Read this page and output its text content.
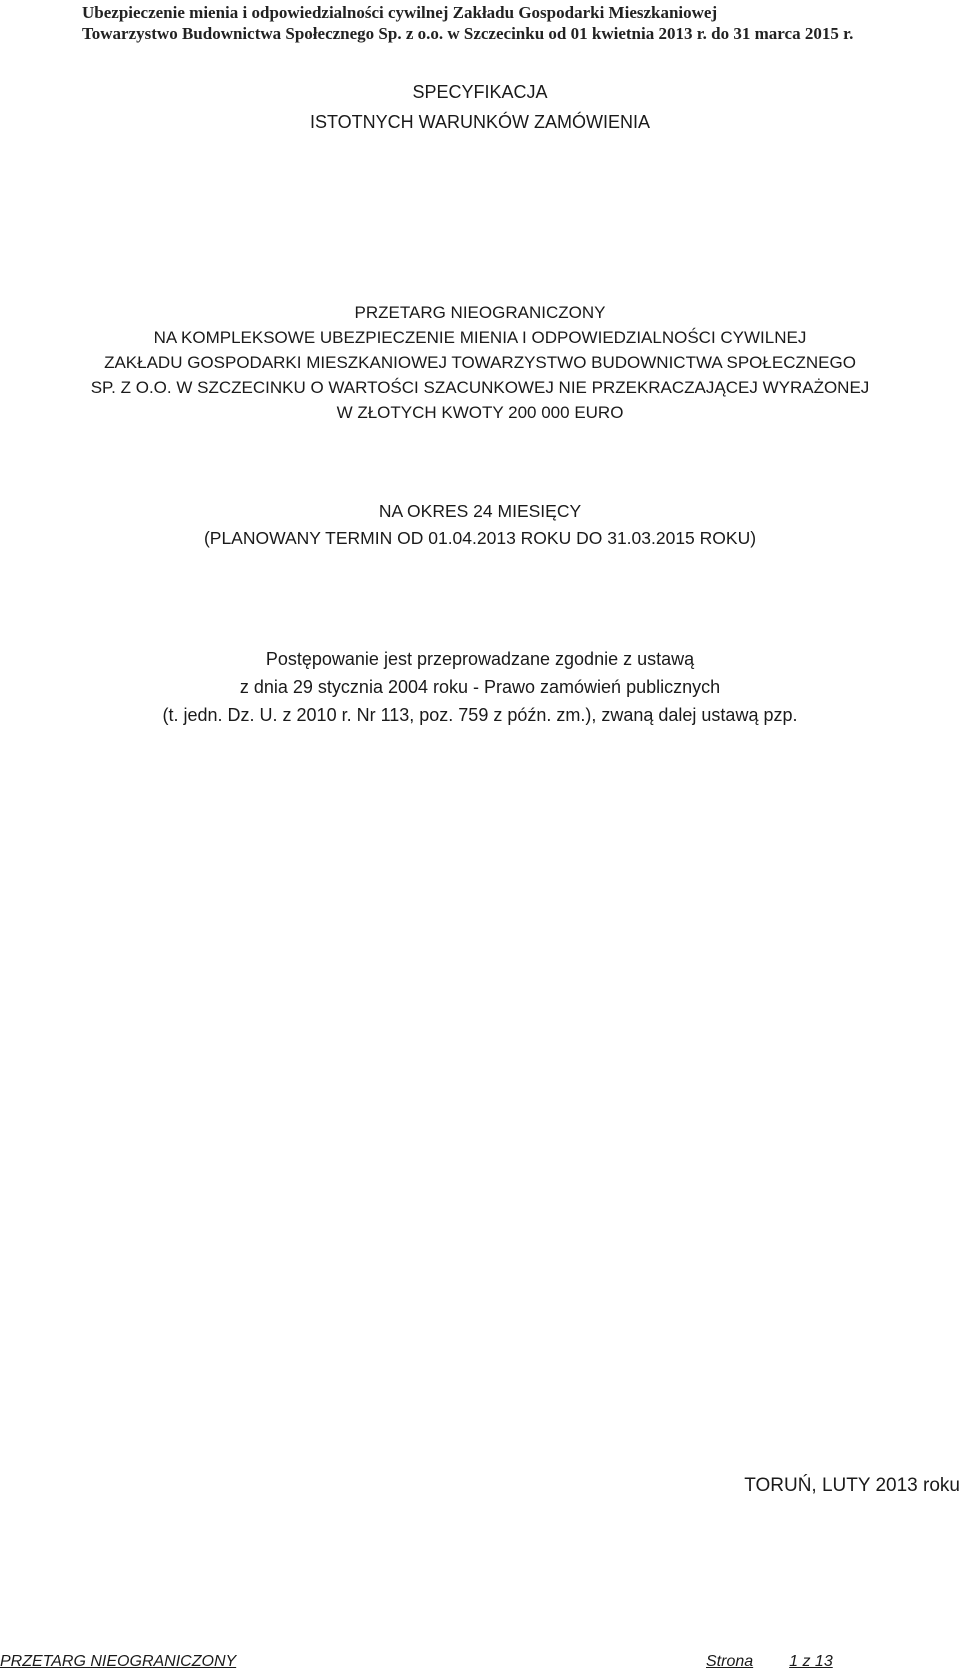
Ubezpieczenie mienia i odpowiedzialności cywilnej Zakładu Gospodarki Mieszkaniowej
Towarzystwo Budownictwa Społecznego Sp. z o.o. w Szczecinku od 01 kwietnia 2013 r. do 31 marca 2015 r.
SPECYFIKACJA
ISTOTNYCH WARUNKÓW ZAMÓWIENIA
PRZETARG NIEOGRANICZONY
NA KOMPLEKSOWE UBEZPIECZENIE MIENIA I ODPOWIEDZIALNOŚCI CYWILNEJ
ZAKŁADU GOSPODARKI MIESZKANIOWEJ TOWARZYSTWO BUDOWNICTWA SPOŁECZNEGO
SP. Z O.O. W SZCZECINKU O WARTOŚCI SZACUNKOWEJ NIE PRZEKRACZAJĄCEJ WYRAŻONEJ
W ZŁOTYCH KWOTY 200 000 EURO
NA OKRES 24 MIESIĘCY
(PLANOWANY TERMIN OD 01.04.2013 ROKU DO 31.03.2015 ROKU)
Postępowanie jest przeprowadzane zgodnie z ustawą
z dnia 29 stycznia 2004 roku - Prawo zamówień publicznych
(t. jedn. Dz. U. z 2010 r. Nr 113, poz. 759 z późn. zm.), zwaną dalej ustawą pzp.
TORUŃ, LUTY 2013 roku
PRZETARG NIEOGRANICZONY	Strona 1 z 13
